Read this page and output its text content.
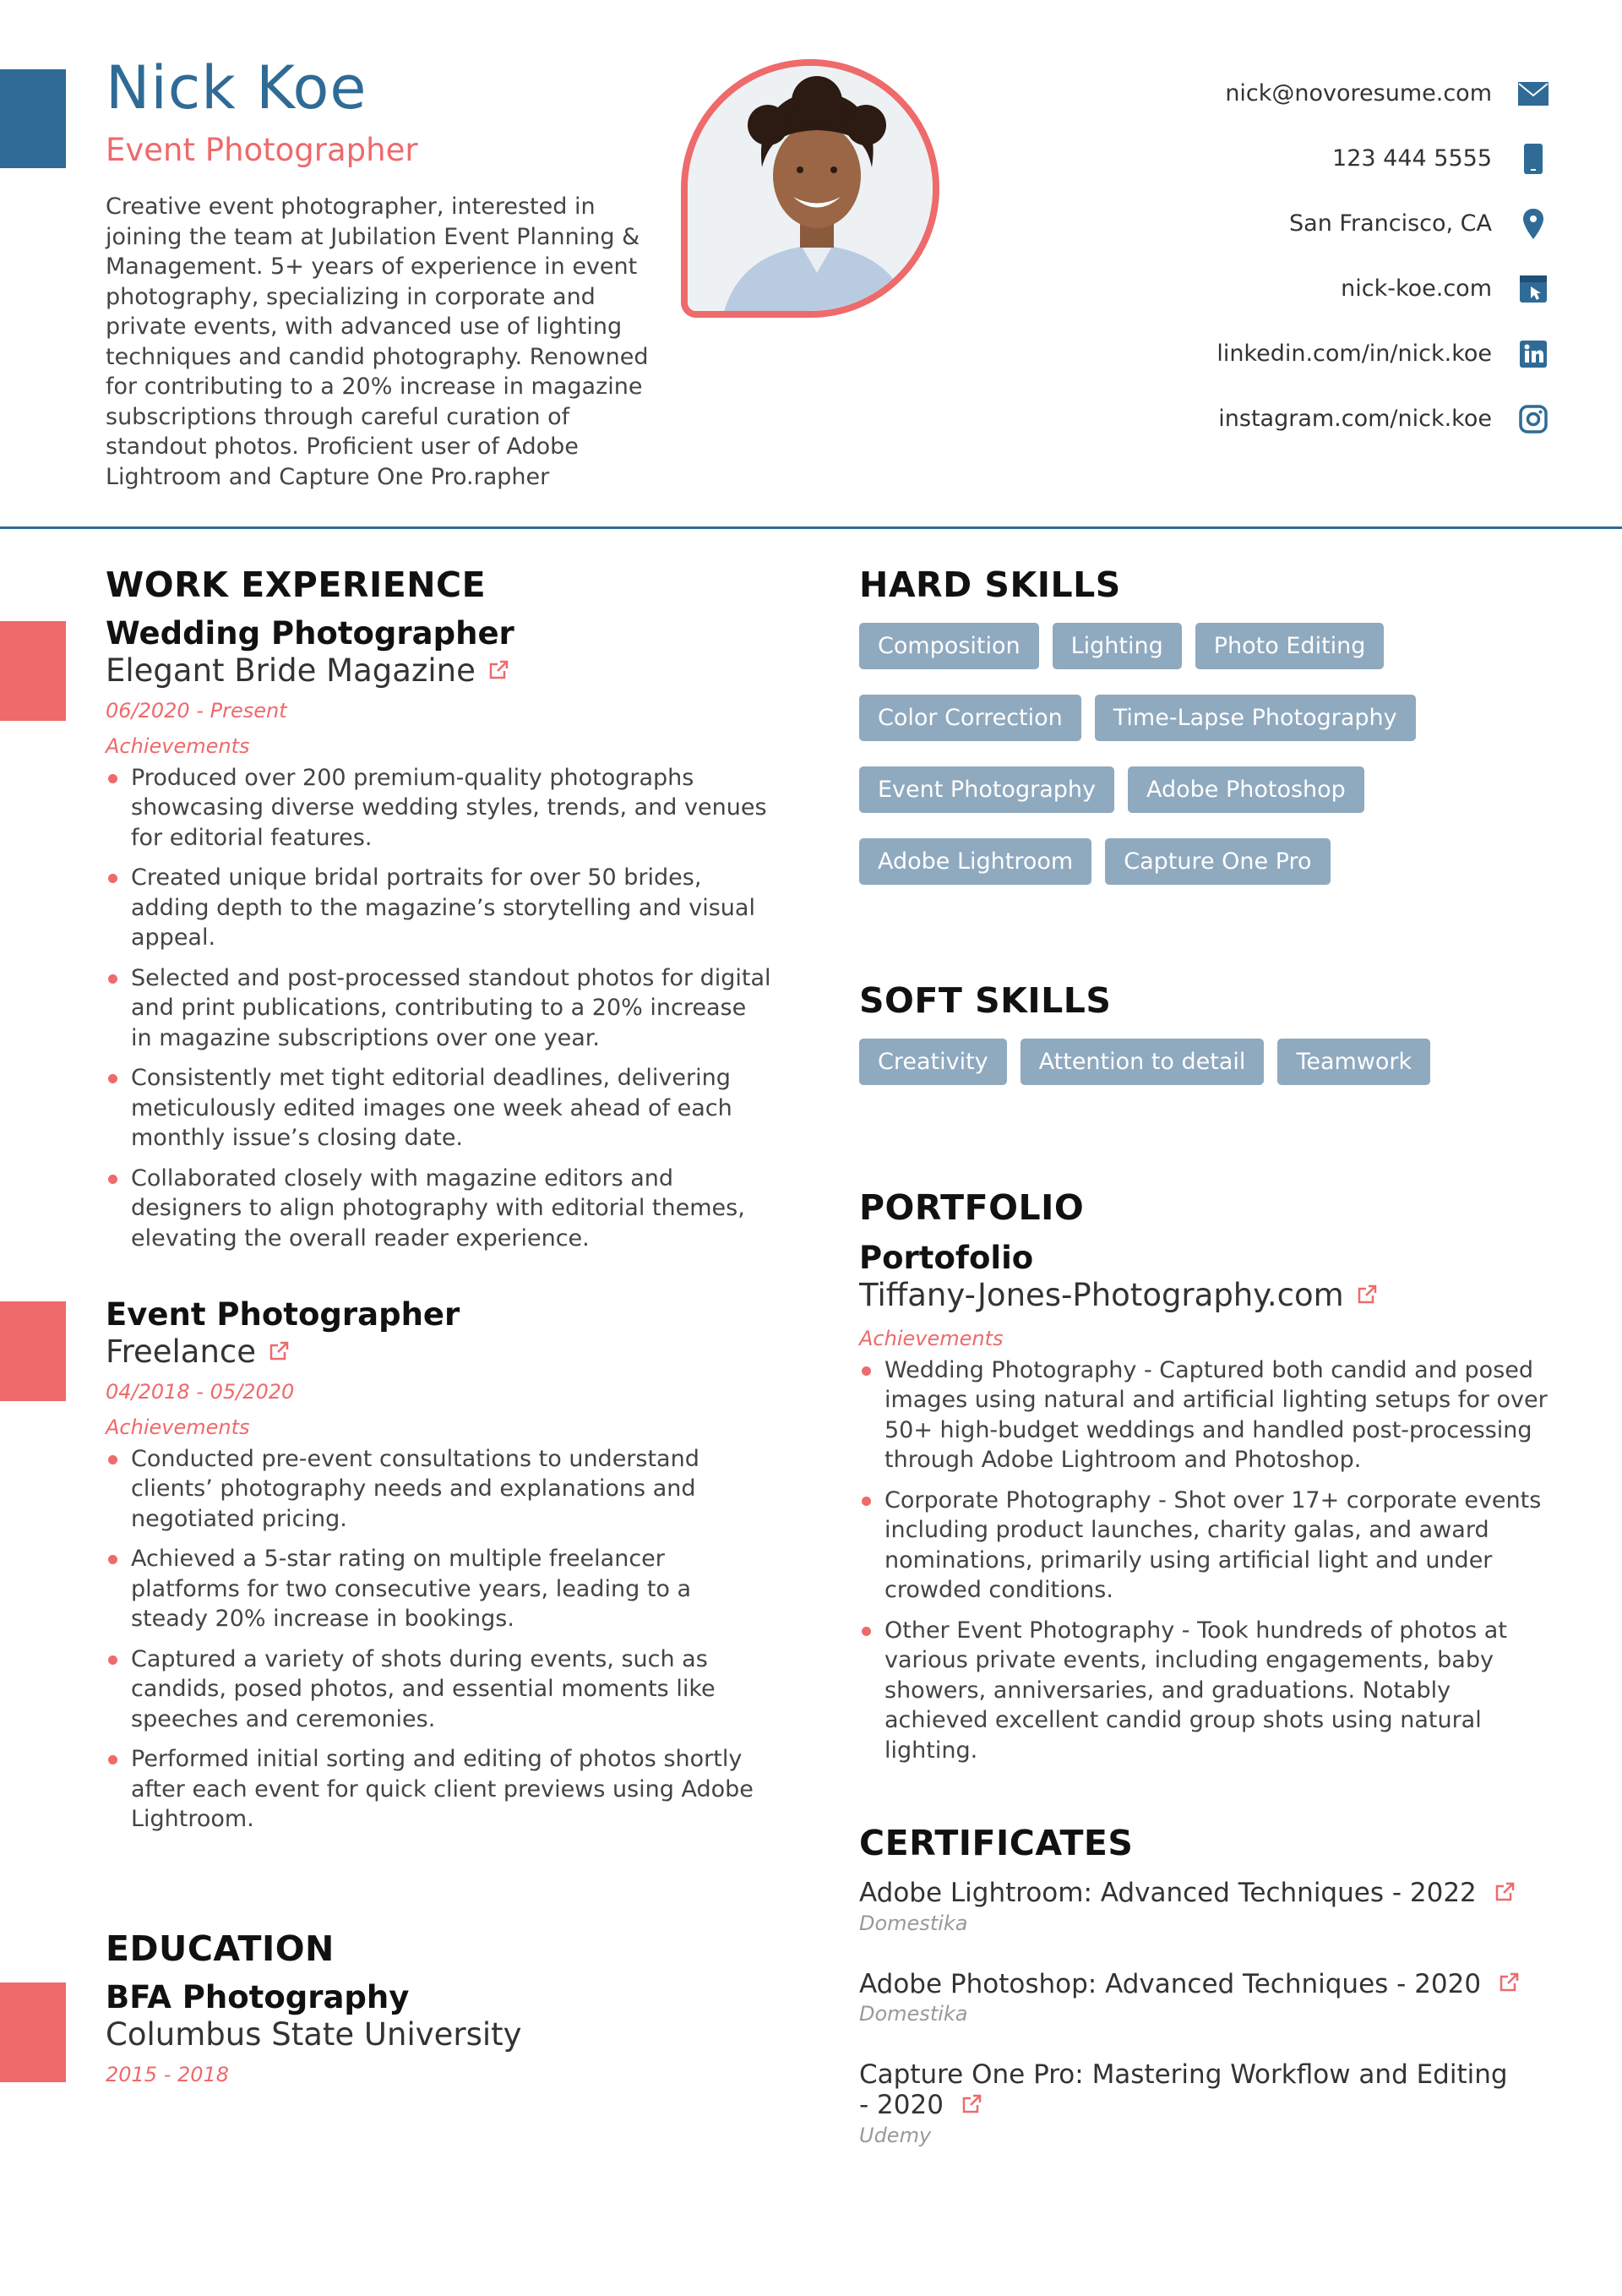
Nick Koe
Event Photographer

Creative event photographer, interested in joining the team at Jubilation Event Planning & Management. 5+ years of experience in event photography, specializing in corporate and private events, with advanced use of lighting techniques and candid photography. Renowned for contributing to a 20% increase in magazine subscriptions through careful curation of standout photos. Proficient user of Adobe Lightroom and Capture One Pro.rapher

nick@novoresume.com
123 444 5555
San Francisco, CA
nick-koe.com
linkedin.com/in/nick.koe
instagram.com/nick.koe
WORK EXPERIENCE
Wedding Photographer
Elegant Bride Magazine
06/2020 - Present
Achievements
Produced over 200 premium-quality photographs showcasing diverse wedding styles, trends, and venues for editorial features.
Created unique bridal portraits for over 50 brides, adding depth to the magazine’s storytelling and visual appeal.
Selected and post-processed standout photos for digital and print publications, contributing to a 20% increase in magazine subscriptions over one year.
Consistently met tight editorial deadlines, delivering meticulously edited images one week ahead of each monthly issue’s closing date.
Collaborated closely with magazine editors and designers to align photography with editorial themes, elevating the overall reader experience.
Event Photographer
Freelance
04/2018 - 05/2020
Achievements
Conducted pre-event consultations to understand clients’ photography needs and explanations and negotiated pricing.
Achieved a 5-star rating on multiple freelancer platforms for two consecutive years, leading to a steady 20% increase in bookings.
Captured a variety of shots during events, such as candids, posed photos, and essential moments like speeches and ceremonies.
Performed initial sorting and editing of photos shortly after each event for quick client previews using Adobe Lightroom.
EDUCATION
BFA Photography
Columbus State University
2015 - 2018
HARD SKILLS
Composition	Lighting	Photo Editing
Color Correction	Time-Lapse Photography
Event Photography	Adobe Photoshop
Adobe Lightroom	Capture One Pro
SOFT SKILLS
Creativity	Attention to detail	Teamwork
PORTFOLIO
Portofolio
Tiffany-Jones-Photography.com
Achievements
Wedding Photography - Captured both candid and posed images using natural and artificial lighting setups for over 50+ high-budget weddings and handled post-processing through Adobe Lightroom and Photoshop.
Corporate Photography - Shot over 17+ corporate events including product launches, charity galas, and award nominations, primarily using artificial light and under crowded conditions.
Other Event Photography - Took hundreds of photos at various private events, including engagements, baby showers, anniversaries, and graduations. Notably achieved excellent candid group shots using natural lighting.
CERTIFICATES
Adobe Lightroom: Advanced Techniques - 2022
Domestika
Adobe Photoshop: Advanced Techniques - 2020
Domestika
Capture One Pro: Mastering Workflow and Editing - 2020
Udemy
